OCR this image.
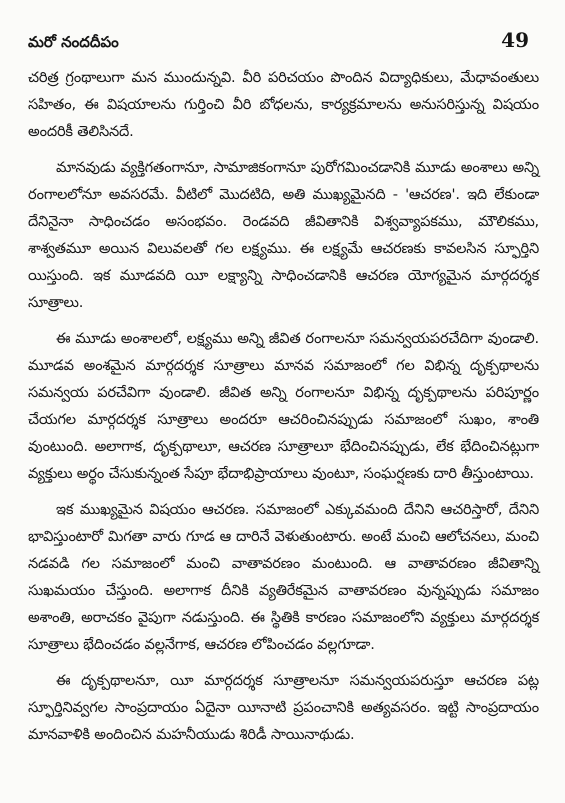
మరో నందదీపం	49

చరిత్ర గ్రంథాలుగా మన ముందున్నవి. వీరి పరిచయం పొందిన విద్యాధికులు, మేధావంతులు సహితం, ఈ విషయాలను గుర్తించి వీరి బోధలను, కార్యక్రమాలను అనుసరిస్తున్న విషయం అందరికీ తెలిసినదే.

మానవుడు వ్యక్తిగతంగానూ, సామాజికంగానూ పురోగమించడానికి మూడు అంశాలు అన్ని రంగాలలోనూ అవసరమే. వీటిలో మొదటిది, అతి ముఖ్యమైనది - 'ఆచరణ'. ఇది లేకుండా దేనినైనా సాధించడం అసంభవం. రెండవది జీవితానికి విశ్వవ్యాపకము, మౌలికము, శాశ్వతమూ అయిన విలువలతో గల లక్ష్యము. ఈ లక్ష్యమే ఆచరణకు కావలసిన స్ఫూర్తిని యిస్తుంది. ఇక మూడవది యీ లక్ష్యాన్ని సాధించడానికి ఆచరణ యోగ్యమైన మార్గదర్శక సూత్రాలు.

ఈ మూడు అంశాలలో, లక్ష్యము అన్ని జీవిత రంగాలనూ సమన్వయపరచేదిగా వుండాలి. మూడవ అంశమైన మార్గదర్శక సూత్రాలు మానవ సమాజంలో గల విభిన్న దృక్పథాలను సమన్వయ పరచేవిగా వుండాలి. జీవిత అన్ని రంగాలనూ విభిన్న దృక్పథాలను పరిపూర్ణం చేయగల మార్గదర్శక సూత్రాలు అందరూ ఆచరించినప్పుడు సమాజంలో సుఖం, శాంతి వుంటుంది. అలాగాక, దృక్పథాలూ, ఆచరణ సూత్రాలూ భేదించినప్పుడు, లేక భేదించినట్లుగా వ్యక్తులు అర్థం చేసుకున్నంత సేపూ భేదాభిప్రాయాలు వుంటూ, సంఘర్షణకు దారి తీస్తుంటాయి.

ఇక ముఖ్యమైన విషయం ఆచరణ. సమాజంలో ఎక్కువమంది దేనిని ఆచరిస్తారో, దేనిని భావిస్తుంటారో మిగతా వారు గూడ ఆ దారినే వెళుతుంటారు. అంటే మంచి ఆలోచనలు, మంచి నడవడి గల సమాజంలో మంచి వాతావరణం మంటుంది. ఆ వాతావరణం జీవితాన్ని సుఖమయం చేస్తుంది. అలాగాక దీనికి వ్యతిరేకమైన వాతావరణం వున్నప్పుడు సమాజం అశాంతి, అరాచకం వైపుగా నడుస్తుంది. ఈ స్థితికి కారణం సమాజంలోని వ్యక్తులు మార్గదర్శక సూత్రాలు భేదించడం వల్లనేగాక, ఆచరణ లోపించడం వల్లగూడా.

ఈ దృక్పథాలనూ, యీ మార్గదర్శక సూత్రాలనూ సమన్వయపరుస్తూ ఆచరణ పట్ల స్ఫూర్తినివ్వగల సాంప్రదాయం ఏదైనా యీనాటి ప్రపంచానికి అత్యవసరం. ఇట్టి సాంప్రదాయం మానవాళికి అందించిన మహనీయుడు శిరిడీ సాయినాథుడు.
